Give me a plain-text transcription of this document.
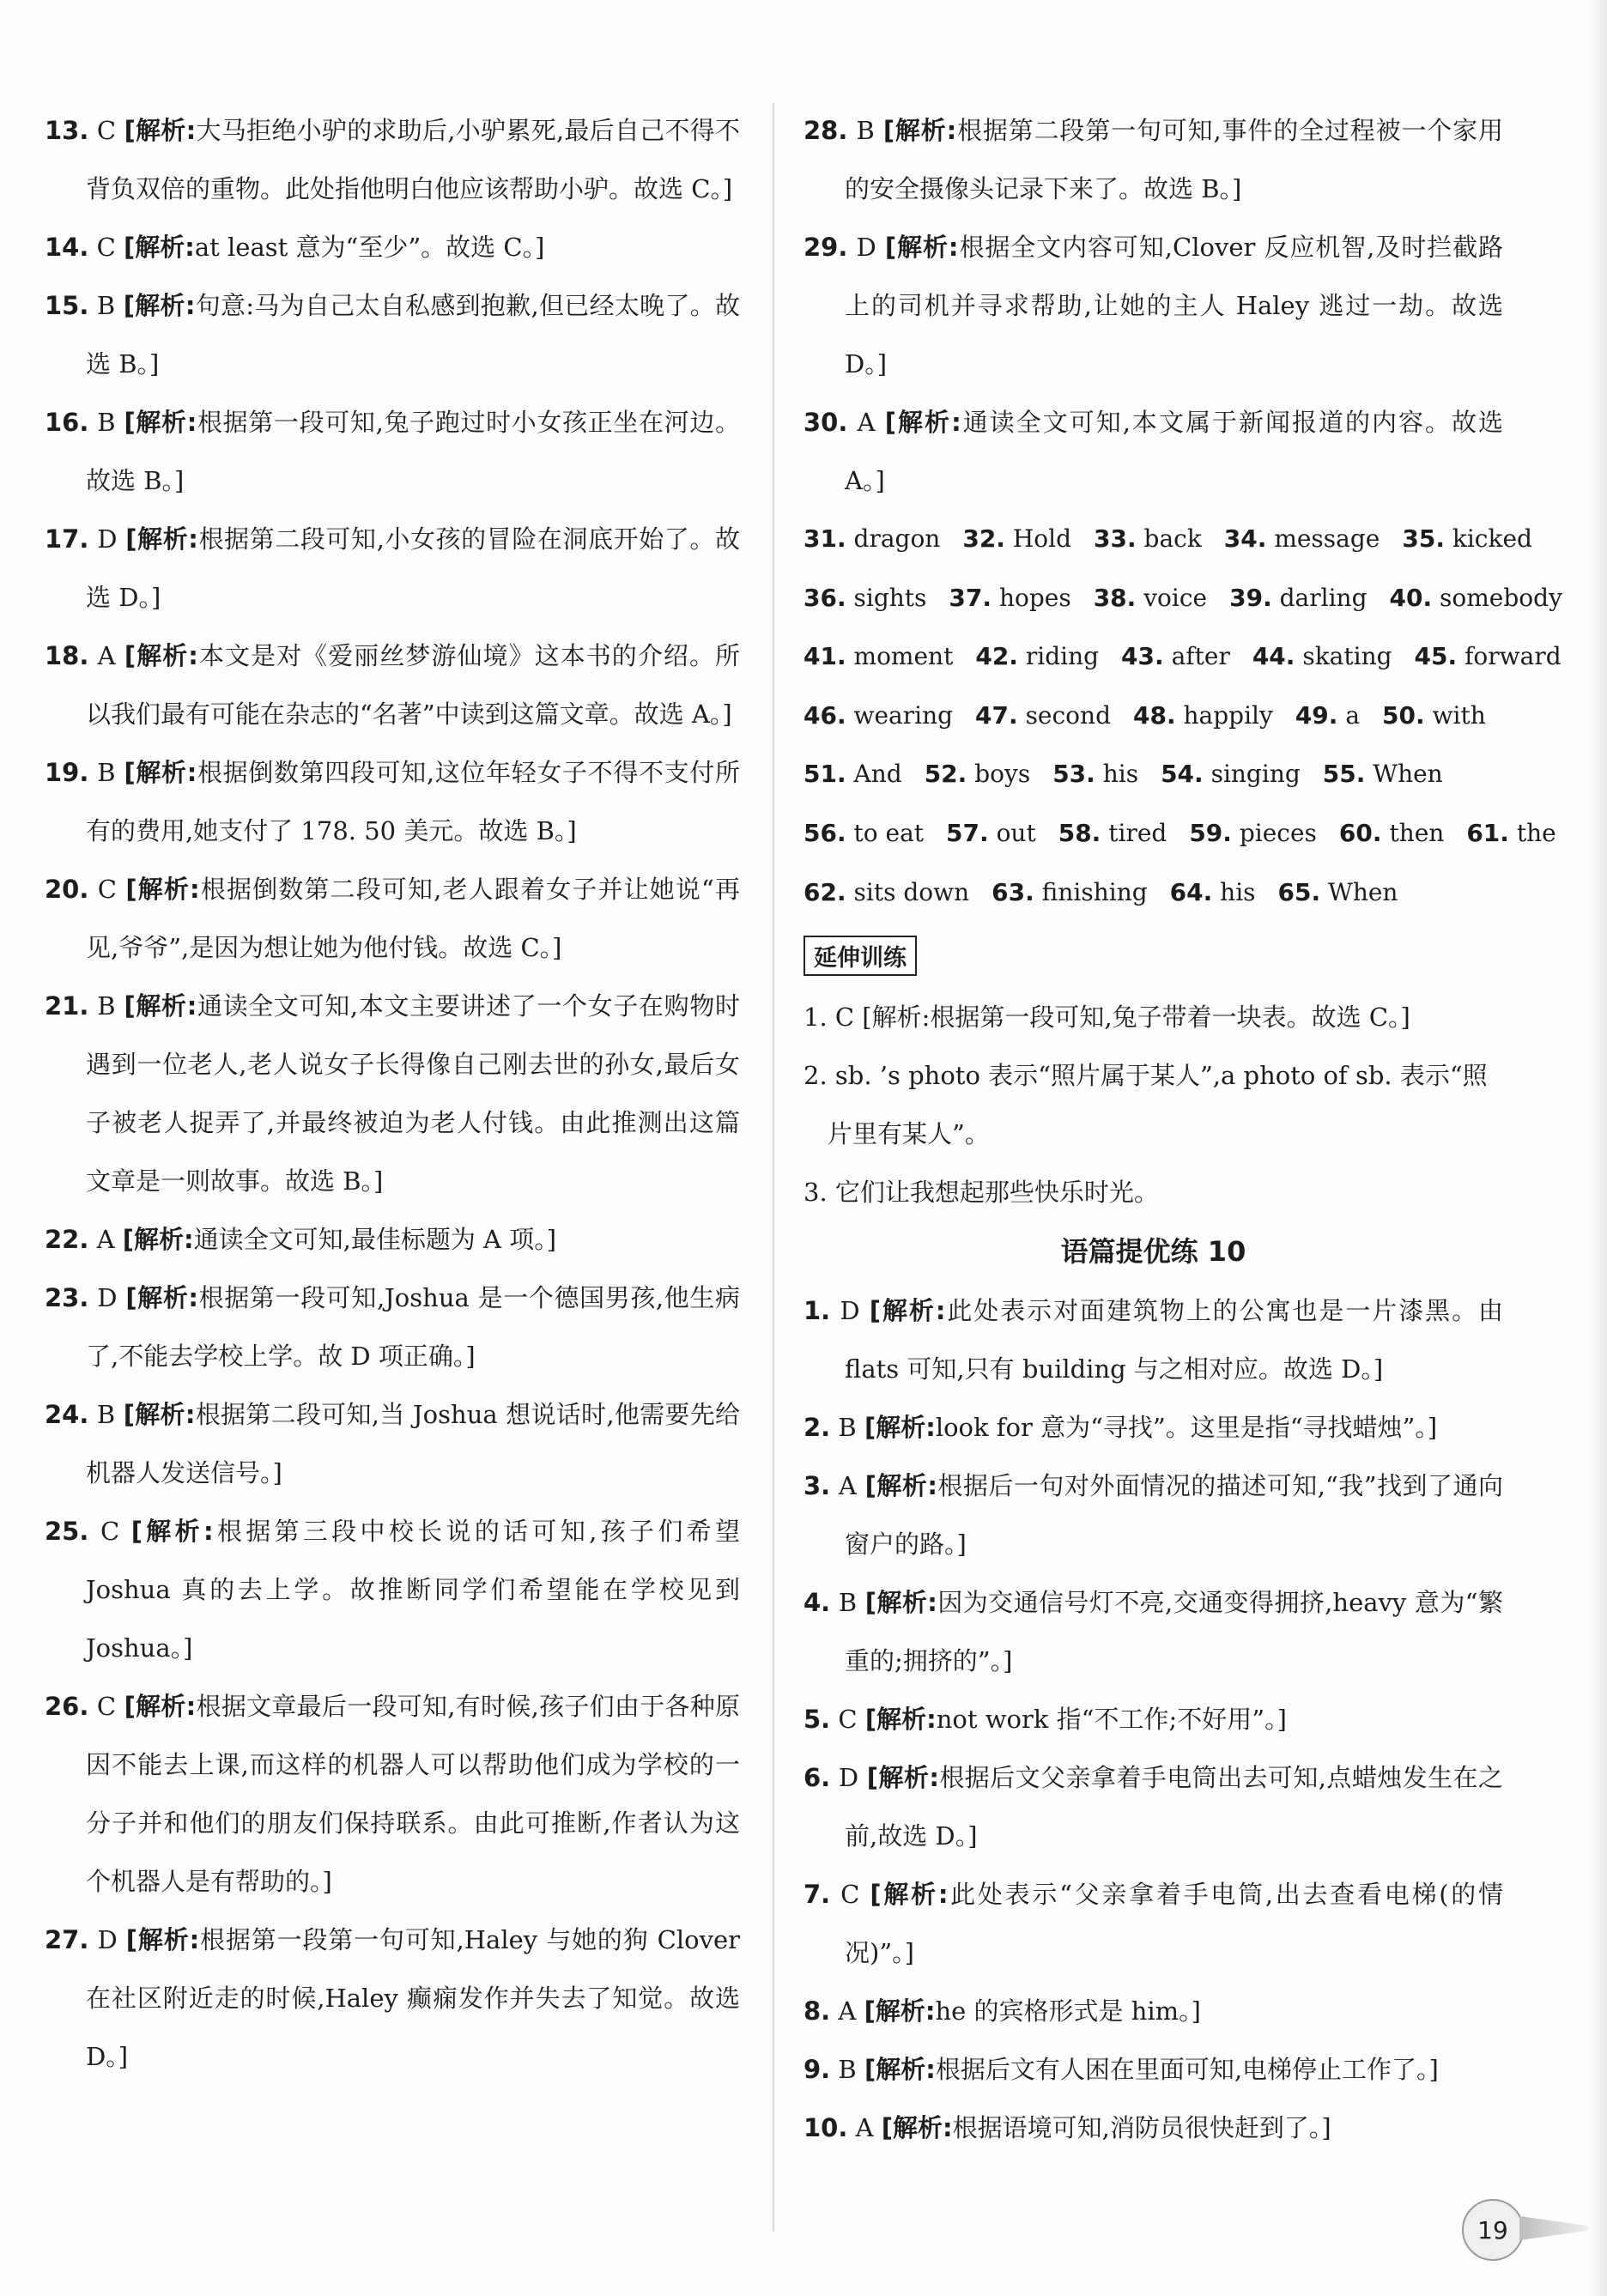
13. C [解析:大马拒绝小驴的求助后,小驴累死,最后自己不得不背负双倍的重物。此处指他明白他应该帮助小驴。故选 C。]
14. C [解析:at least 意为“至少”。故选 C。]
15. B [解析:句意:马为自己太自私感到抱歉,但已经太晚了。故选 B。]
16. B [解析:根据第一段可知,兔子跑过时小女孩正坐在河边。故选 B。]
17. D [解析:根据第二段可知,小女孩的冒险在洞底开始了。故选 D。]
18. A [解析:本文是对《爱丽丝梦游仙境》这本书的介绍。所以我们最有可能在杂志的“名著”中读到这篇文章。故选 A。]
19. B [解析:根据倒数第四段可知,这位年轻女子不得不支付所有的费用,她支付了 178. 50 美元。故选 B。]
20. C [解析:根据倒数第二段可知,老人跟着女子并让她说“再见,爷爷”,是因为想让她为他付钱。故选 C。]
21. B [解析:通读全文可知,本文主要讲述了一个女子在购物时遇到一位老人,老人说女子长得像自己刚去世的孙女,最后女子被老人捉弄了,并最终被迫为老人付钱。由此推测出这篇文章是一则故事。故选 B。]
22. A [解析:通读全文可知,最佳标题为 A 项。]
23. D [解析:根据第一段可知,Joshua 是一个德国男孩,他生病了,不能去学校上学。故 D 项正确。]
24. B [解析:根据第二段可知,当 Joshua 想说话时,他需要先给机器人发送信号。]
25. C [解析:根据第三段中校长说的话可知,孩子们希望 Joshua 真的去上学。故推断同学们希望能在学校见到 Joshua。]
26. C [解析:根据文章最后一段可知,有时候,孩子们由于各种原因不能去上课,而这样的机器人可以帮助他们成为学校的一分子并和他们的朋友们保持联系。由此可推断,作者认为这个机器人是有帮助的。]
27. D [解析:根据第一段第一句可知,Haley 与她的狗 Clover 在社区附近走的时候,Haley 癫痫发作并失去了知觉。故选 D。]
28. B [解析:根据第二段第一句可知,事件的全过程被一个家用的安全摄像头记录下来了。故选 B。]
29. D [解析:根据全文内容可知,Clover 反应机智,及时拦截路上的司机并寻求帮助,让她的主人 Haley 逃过一劫。故选 D。]
30. A [解析:通读全文可知,本文属于新闻报道的内容。故选 A。]
31. dragon 32. Hold 33. back 34. message 35. kicked
36. sights 37. hopes 38. voice 39. darling 40. somebody
41. moment 42. riding 43. after 44. skating 45. forward
46. wearing 47. second 48. happily 49. a 50. with
51. And 52. boys 53. his 54. singing 55. When
56. to eat 57. out 58. tired 59. pieces 60. then 61. the
62. sits down 63. finishing 64. his 65. When
延伸训练
1. C [解析:根据第一段可知,兔子带着一块表。故选 C。]
2. sb. ’s photo 表示“照片属于某人”,a photo of sb. 表示“照片里有某人”。
3. 它们让我想起那些快乐时光。
语篇提优练 10
1. D [解析:此处表示对面建筑物上的公寓也是一片漆黑。由 flats 可知,只有 building 与之相对应。故选 D。]
2. B [解析:look for 意为“寻找”。这里是指“寻找蜡烛”。]
3. A [解析:根据后一句对外面情况的描述可知,“我”找到了通向窗户的路。]
4. B [解析:因为交通信号灯不亮,交通变得拥挤,heavy 意为“繁重的;拥挤的”。]
5. C [解析:not work 指“不工作;不好用”。]
6. D [解析:根据后文父亲拿着手电筒出去可知,点蜡烛发生在之前,故选 D。]
7. C [解析:此处表示“父亲拿着手电筒,出去查看电梯(的情况)”。]
8. A [解析:he 的宾格形式是 him。]
9. B [解析:根据后文有人困在里面可知,电梯停止工作了。]
10. A [解析:根据语境可知,消防员很快赶到了。]
19
